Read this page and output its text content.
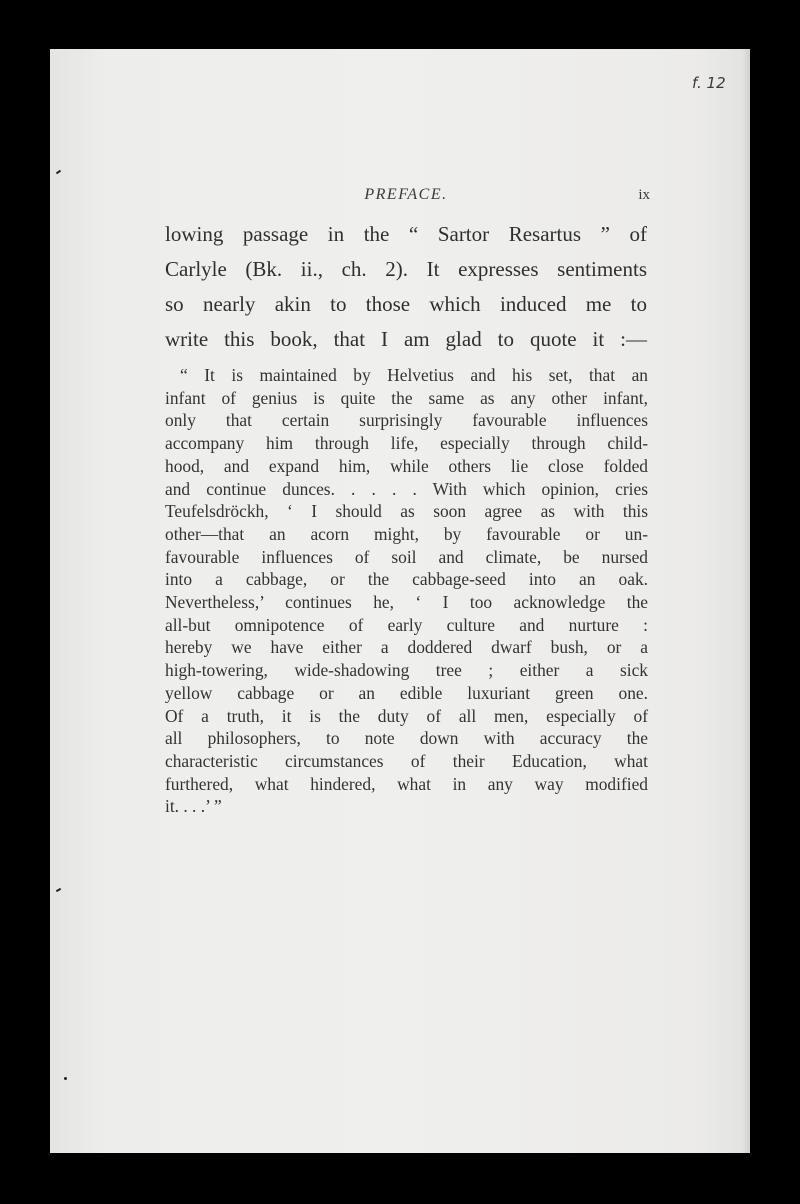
f. 12
PREFACE.	ix
lowing passage in the “ Sartor Resartus ” of
Carlyle (Bk. ii., ch. 2). It expresses sentiments
so nearly akin to those which induced me to
write this book, that I am glad to quote it :—
“ It is maintained by Helvetius and his set, that an
infant of genius is quite the same as any other infant,
only that certain surprisingly favourable influences
accompany him through life, especially through child-
hood, and expand him, while others lie close folded
and continue dunces. . . . . With which opinion, cries
Teufelsdröckh, ‘ I should as soon agree as with this
other—that an acorn might, by favourable or un-
favourable influences of soil and climate, be nursed
into a cabbage, or the cabbage-seed into an oak.
Nevertheless,’ continues he, ‘ I too acknowledge the
all-but omnipotence of early culture and nurture :
hereby we have either a doddered dwarf bush, or a
high-towering, wide-shadowing tree ; either a sick
yellow cabbage or an edible luxuriant green one.
Of a truth, it is the duty of all men, especially of
all philosophers, to note down with accuracy the
characteristic circumstances of their Education, what
furthered, what hindered, what in any way modified
it. . . .’ ”
